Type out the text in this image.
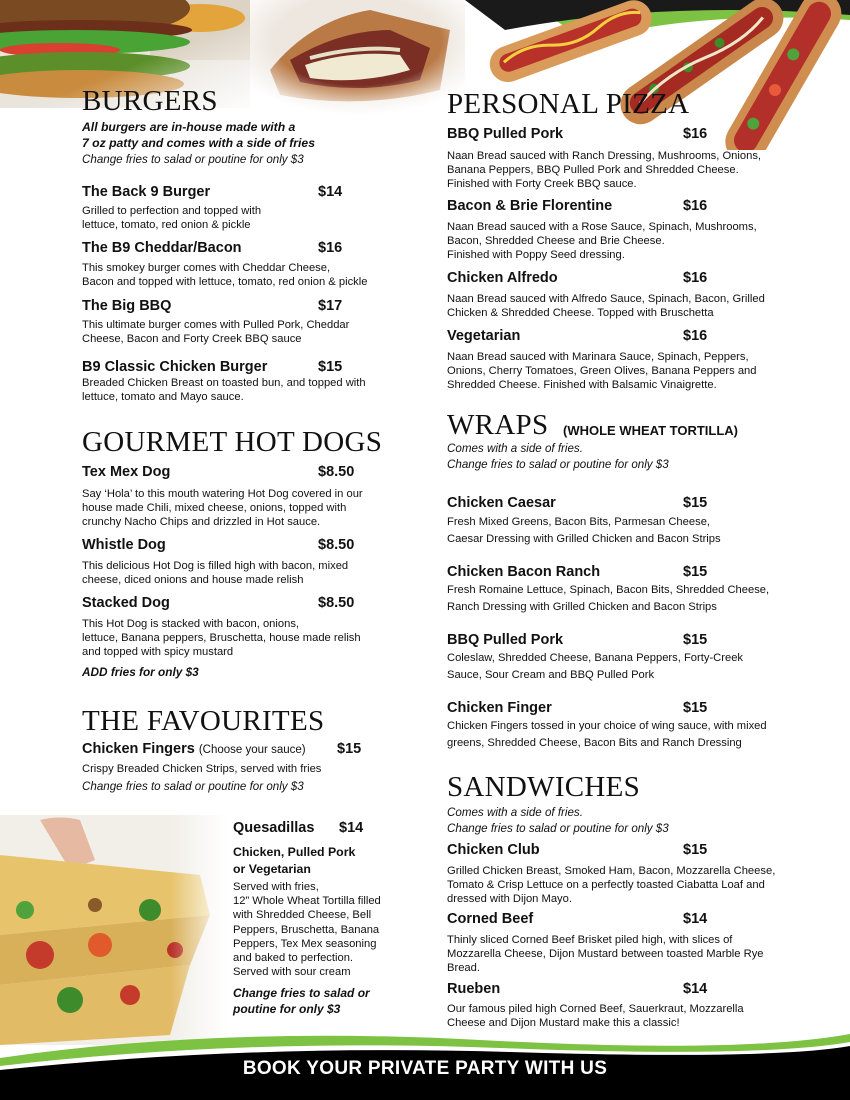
BURGERS
All burgers are in-house made with a
7 oz patty and comes with a side of fries
Change fries to salad or poutine for only $3
The Back 9 Burger	$14
Grilled to perfection and topped with
lettuce, tomato, red onion & pickle
The B9 Cheddar/Bacon	$16
This smokey burger comes with Cheddar Cheese,
Bacon and topped with lettuce, tomato, red onion & pickle
The Big BBQ	$17
This ultimate burger comes with Pulled Pork, Cheddar
Cheese, Bacon and Forty Creek BBQ sauce
B9 Classic Chicken Burger	$15
Breaded Chicken Breast on toasted bun, and topped with
lettuce, tomato and Mayo sauce.
GOURMET HOT DOGS
Tex Mex Dog	$8.50
Say ‘Hola’ to this mouth watering Hot Dog covered in our
house made Chili, mixed cheese, onions, topped with
crunchy Nacho Chips and drizzled in Hot sauce.
Whistle Dog	$8.50
This delicious Hot Dog is filled high with bacon, mixed
cheese, diced onions and house made relish
Stacked Dog	$8.50
This Hot Dog is stacked with bacon, onions,
lettuce, Banana peppers, Bruschetta, house made relish
and topped with spicy mustard
ADD fries for only $3
THE FAVOURITES
Chicken Fingers (Choose your sauce) $15
Crispy Breaded Chicken Strips, served with fries
Change fries to salad or poutine for only $3
Quesadillas $14
Chicken, Pulled Pork
or Vegetarian
Served with fries,
12” Whole Wheat Tortilla filled
with Shredded Cheese, Bell
Peppers, Bruschetta, Banana
Peppers, Tex Mex seasoning
and baked to perfection.
Served with sour cream
Change fries to salad or
poutine for only $3
PERSONAL PIZZA
BBQ Pulled Pork	$16
Naan Bread sauced with Ranch Dressing, Mushrooms, Onions,
Banana Peppers, BBQ Pulled Pork and Shredded Cheese.
Finished with Forty Creek BBQ sauce.
Bacon & Brie Florentine	$16
Naan Bread sauced with a Rose Sauce, Spinach, Mushrooms,
Bacon, Shredded Cheese and Brie Cheese.
Finished with Poppy Seed dressing.
Chicken Alfredo	$16
Naan Bread sauced with Alfredo Sauce, Spinach, Bacon, Grilled
Chicken & Shredded Cheese. Topped with Bruschetta
Vegetarian	$16
Naan Bread sauced with Marinara Sauce, Spinach, Peppers,
Onions, Cherry Tomatoes, Green Olives, Banana Peppers and
Shredded Cheese. Finished with Balsamic Vinaigrette.
WRAPS (WHOLE WHEAT TORTILLA)
Comes with a side of fries.
Change fries to salad or poutine for only $3
Chicken Caesar	$15
Fresh Mixed Greens, Bacon Bits, Parmesan Cheese,
Caesar Dressing with Grilled Chicken and Bacon Strips
Chicken Bacon Ranch	$15
Fresh Romaine Lettuce, Spinach, Bacon Bits, Shredded Cheese,
Ranch Dressing with Grilled Chicken and Bacon Strips
BBQ Pulled Pork	$15
Coleslaw, Shredded Cheese, Banana Peppers, Forty-Creek
Sauce, Sour Cream and BBQ Pulled Pork
Chicken Finger	$15
Chicken Fingers tossed in your choice of wing sauce, with mixed
greens, Shredded Cheese, Bacon Bits and Ranch Dressing
SANDWICHES
Comes with a side of fries.
Change fries to salad or poutine for only $3
Chicken Club	$15
Grilled Chicken Breast, Smoked Ham, Bacon, Mozzarella Cheese,
Tomato & Crisp Lettuce on a perfectly toasted Ciabatta Loaf and
dressed with Dijon Mayo.
Corned Beef	$14
Thinly sliced Corned Beef Brisket piled high, with slices of
Mozzarella Cheese, Dijon Mustard between toasted Marble Rye
Bread.
Rueben	$14
Our famous piled high Corned Beef, Sauerkraut, Mozzarella
Cheese and Dijon Mustard make this a classic!
BOOK YOUR PRIVATE PARTY WITH US
